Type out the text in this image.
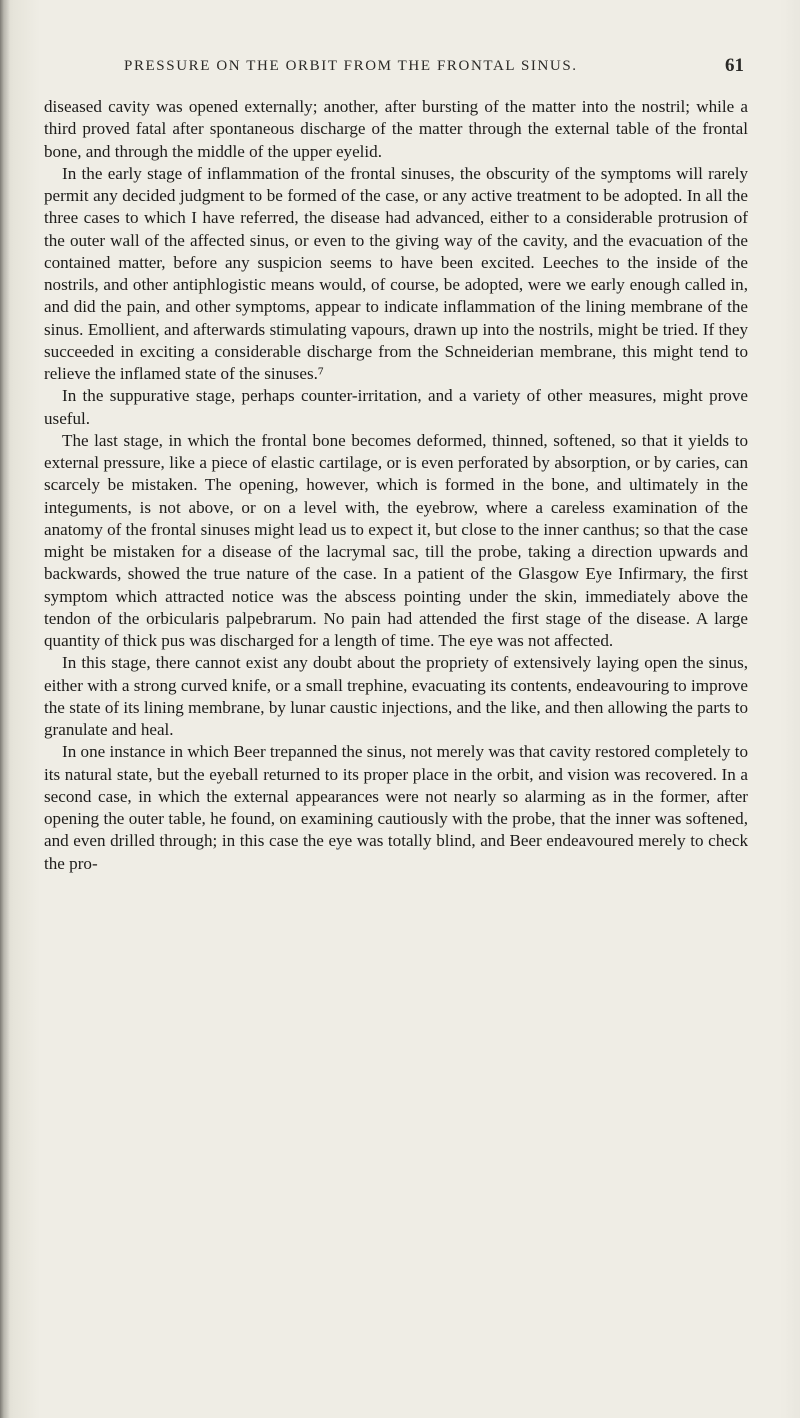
PRESSURE ON THE ORBIT FROM THE FRONTAL SINUS.	61

diseased cavity was opened externally; another, after bursting of the matter into the nostril; while a third proved fatal after spontaneous discharge of the matter through the external table of the frontal bone, and through the middle of the upper eyelid.

In the early stage of inflammation of the frontal sinuses, the obscurity of the symptoms will rarely permit any decided judgment to be formed of the case, or any active treatment to be adopted. In all the three cases to which I have referred, the disease had advanced, either to a considerable protrusion of the outer wall of the affected sinus, or even to the giving way of the cavity, and the evacuation of the contained matter, before any suspicion seems to have been excited. Leeches to the inside of the nostrils, and other antiphlogistic means would, of course, be adopted, were we early enough called in, and did the pain, and other symptoms, appear to indicate inflammation of the lining membrane of the sinus. Emollient, and afterwards stimulating vapours, drawn up into the nostrils, might be tried. If they succeeded in exciting a considerable discharge from the Schneiderian membrane, this might tend to relieve the inflamed state of the sinuses.⁷

In the suppurative stage, perhaps counter-irritation, and a variety of other measures, might prove useful.

The last stage, in which the frontal bone becomes deformed, thinned, softened, so that it yields to external pressure, like a piece of elastic cartilage, or is even perforated by absorption, or by caries, can scarcely be mistaken. The opening, however, which is formed in the bone, and ultimately in the integuments, is not above, or on a level with, the eyebrow, where a careless examination of the anatomy of the frontal sinuses might lead us to expect it, but close to the inner canthus; so that the case might be mistaken for a disease of the lacrymal sac, till the probe, taking a direction upwards and backwards, showed the true nature of the case. In a patient of the Glasgow Eye Infirmary, the first symptom which attracted notice was the abscess pointing under the skin, immediately above the tendon of the orbicularis palpebrarum. No pain had attended the first stage of the disease. A large quantity of thick pus was discharged for a length of time. The eye was not affected.

In this stage, there cannot exist any doubt about the propriety of extensively laying open the sinus, either with a strong curved knife, or a small trephine, evacuating its contents, endeavouring to improve the state of its lining membrane, by lunar caustic injections, and the like, and then allowing the parts to granulate and heal.

In one instance in which Beer trepanned the sinus, not merely was that cavity restored completely to its natural state, but the eyeball returned to its proper place in the orbit, and vision was recovered. In a second case, in which the external appearances were not nearly so alarming as in the former, after opening the outer table, he found, on examining cautiously with the probe, that the inner was softened, and even drilled through; in this case the eye was totally blind, and Beer endeavoured merely to check the pro-
